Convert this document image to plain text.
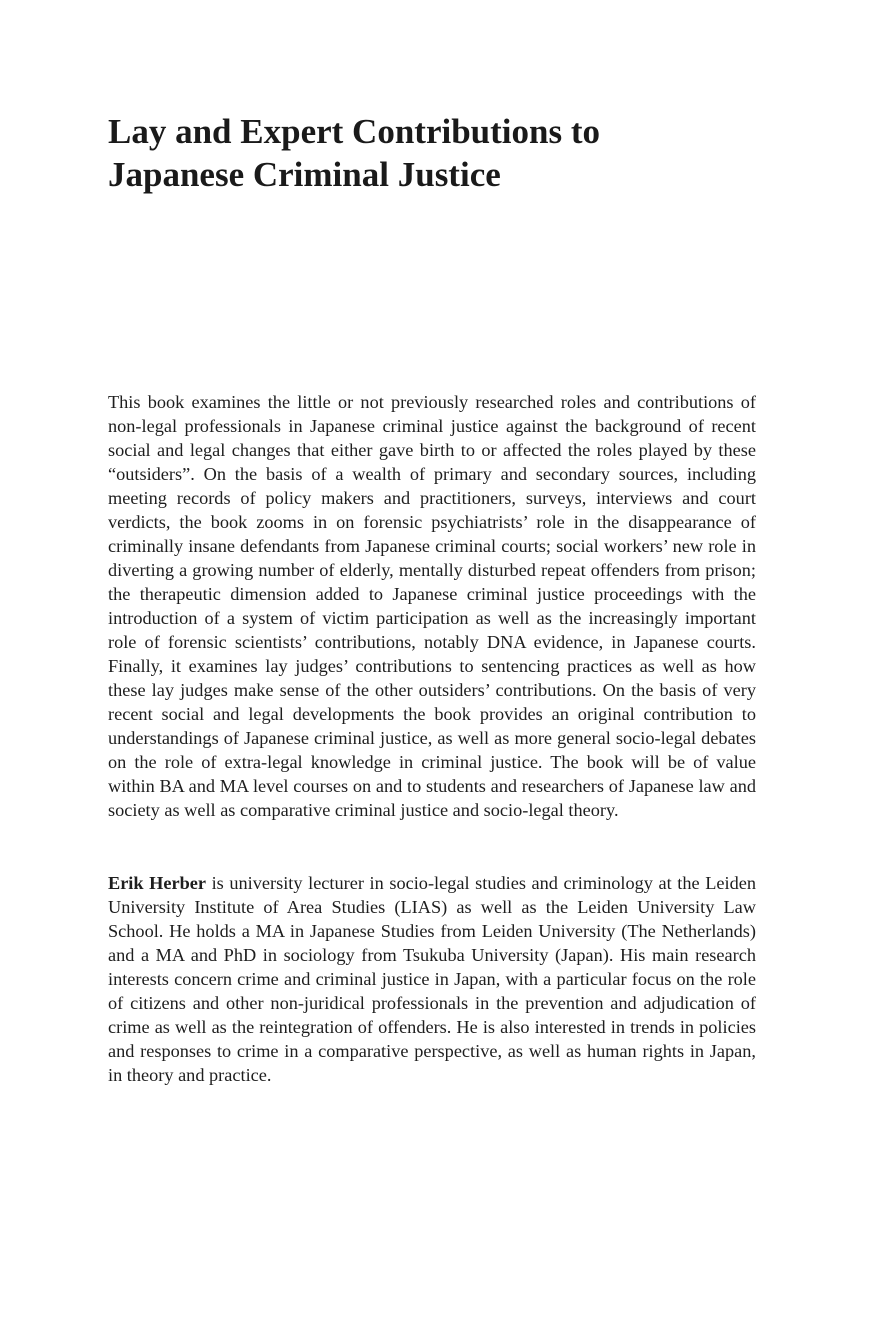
Lay and Expert Contributions to
Japanese Criminal Justice

This book examines the little or not previously researched roles and contributions of non-legal professionals in Japanese criminal justice against the background of recent social and legal changes that either gave birth to or affected the roles played by these “outsiders”. On the basis of a wealth of primary and secondary sources, including meeting records of policy makers and practitioners, surveys, interviews and court verdicts, the book zooms in on forensic psychiatrists’ role in the disappearance of criminally insane defendants from Japanese criminal courts; social workers’ new role in diverting a growing number of elderly, mentally disturbed repeat offenders from prison; the therapeutic dimension added to Japanese criminal justice proceedings with the introduction of a system of victim participation as well as the increasingly important role of forensic scientists’ contributions, notably DNA evidence, in Japanese courts. Finally, it examines lay judges’ contributions to sentencing practices as well as how these lay judges make sense of the other outsiders’ contributions. On the basis of very recent social and legal developments the book provides an original contribution to understandings of Japanese criminal justice, as well as more general socio-legal debates on the role of extra-legal knowledge in criminal justice. The book will be of value within BA and MA level courses on and to students and researchers of Japanese law and society as well as comparative criminal justice and socio-legal theory.

Erik Herber is university lecturer in socio-legal studies and criminology at the Leiden University Institute of Area Studies (LIAS) as well as the Leiden University Law School. He holds a MA in Japanese Studies from Leiden University (The Netherlands) and a MA and PhD in sociology from Tsukuba University (Japan). His main research interests concern crime and criminal justice in Japan, with a particular focus on the role of citizens and other non-juridical professionals in the prevention and adjudication of crime as well as the reintegration of offenders. He is also interested in trends in policies and responses to crime in a comparative perspective, as well as human rights in Japan, in theory and practice.
